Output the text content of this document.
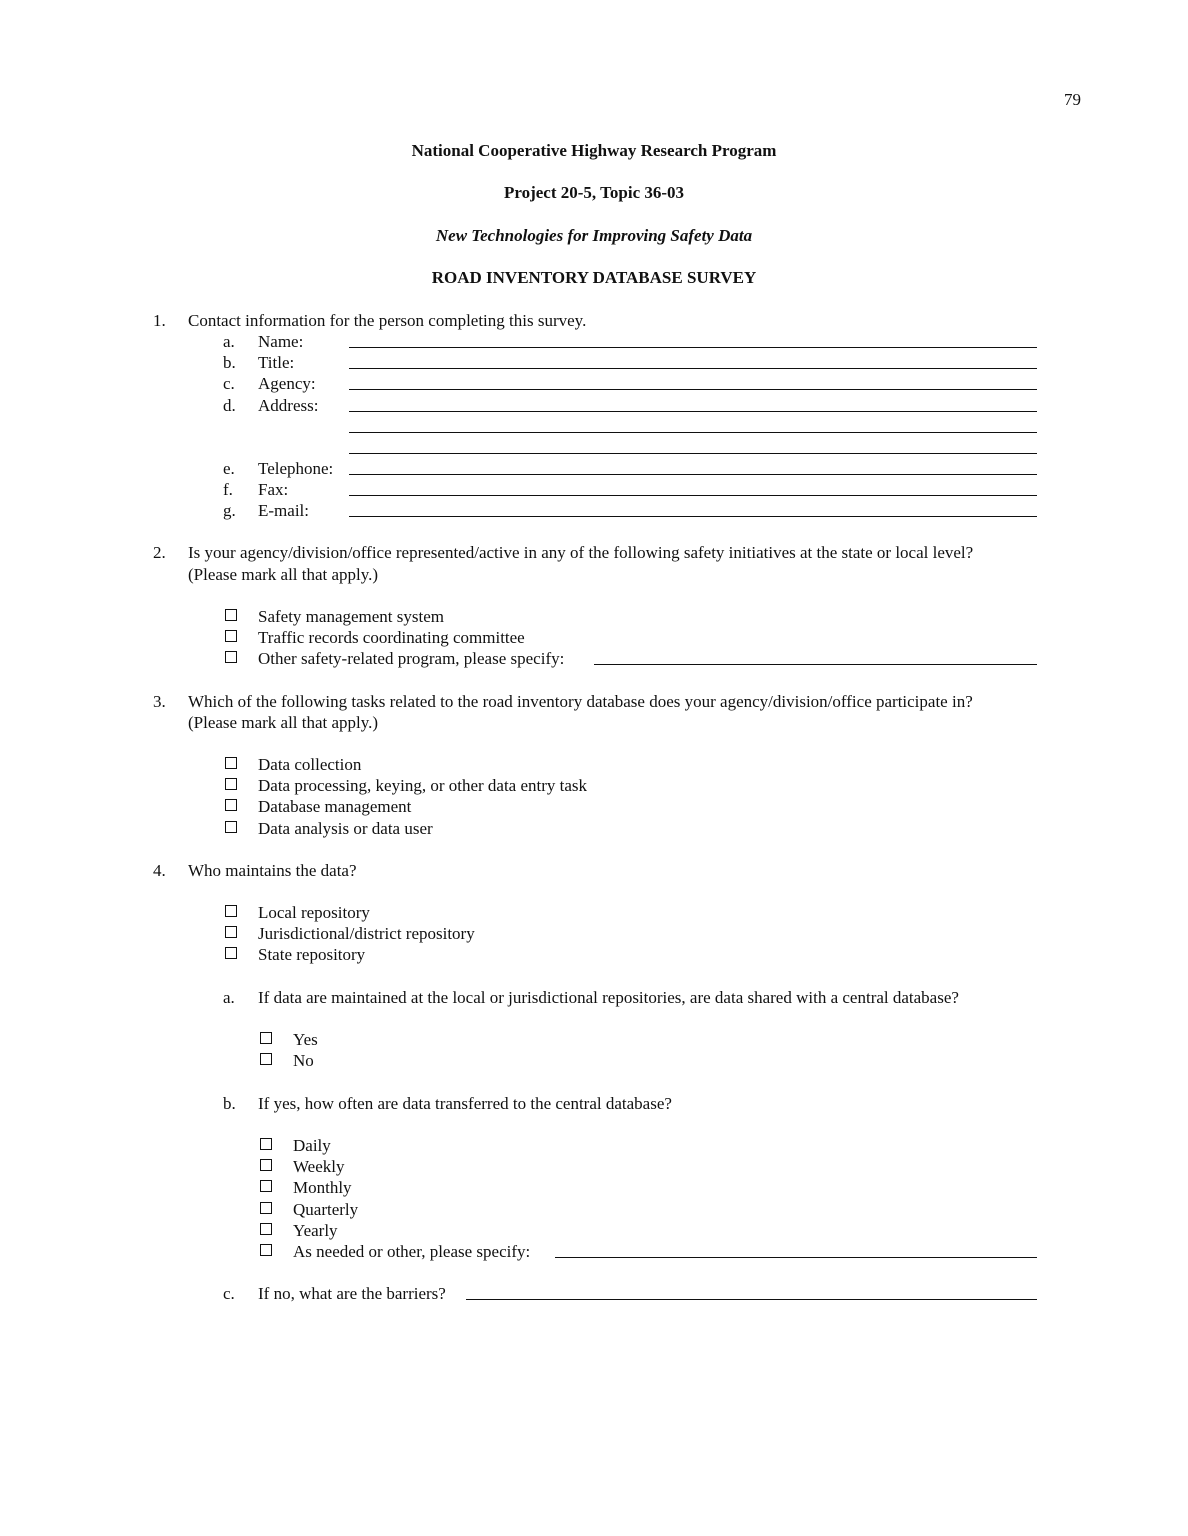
79
National Cooperative Highway Research Program
Project 20-5, Topic 36-03
New Technologies for Improving Safety Data
ROAD INVENTORY DATABASE SURVEY
1. Contact information for the person completing this survey.
a. Name:
b. Title:
c. Agency:
d. Address:
e. Telephone:
f. Fax:
g. E-mail:
2. Is your agency/division/office represented/active in any of the following safety initiatives at the state or local level?
(Please mark all that apply.)
Safety management system
Traffic records coordinating committee
Other safety-related program, please specify:
3. Which of the following tasks related to the road inventory database does your agency/division/office participate in?
(Please mark all that apply.)
Data collection
Data processing, keying, or other data entry task
Database management
Data analysis or data user
4. Who maintains the data?
Local repository
Jurisdictional/district repository
State repository
a. If data are maintained at the local or jurisdictional repositories, are data shared with a central database?
Yes
No
b. If yes, how often are data transferred to the central database?
Daily
Weekly
Monthly
Quarterly
Yearly
As needed or other, please specify:
c. If no, what are the barriers?
